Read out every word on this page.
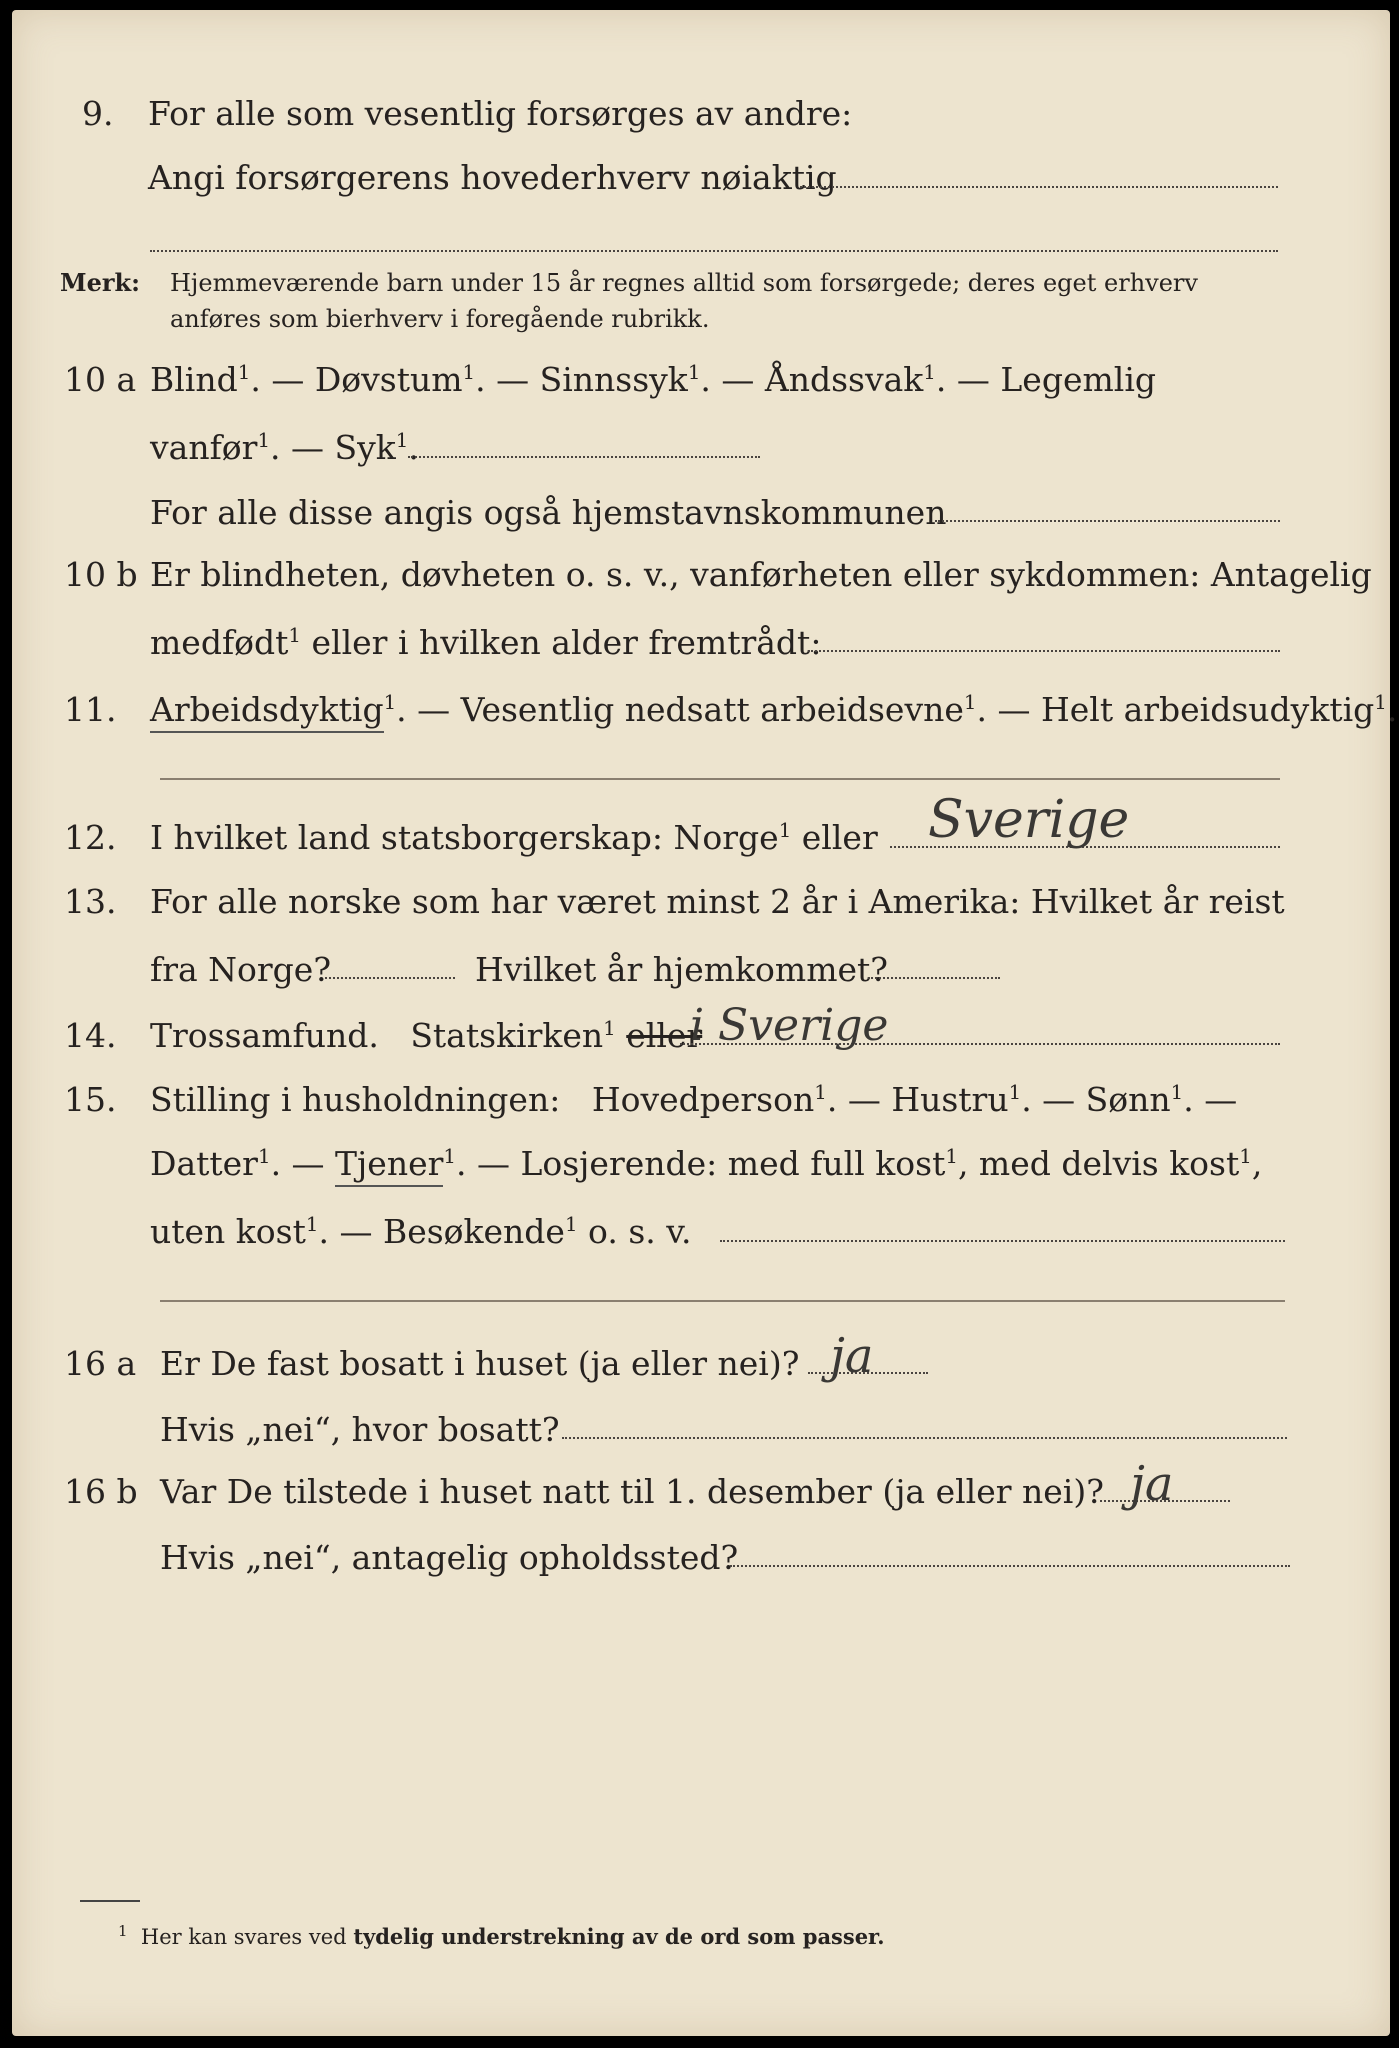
9. For alle som vesentlig forsørges av andre:
Angi forsørgerens hovederhverv nøiaktig
Merk: Hjemmeværende barn under 15 år regnes alltid som forsørgede; deres eget erhverv
anføres som bierhverv i foregående rubrikk.
10 a Blind$^1$. — Døvstum$^1$. — Sinnssyk$^1$. — Åndssvak$^1$. — Legemlig
vanfør$^1$. — Syk$^1$.
For alle disse angis også hjemstavnskommunen
10 b Er blindheten, døvheten o. s. v., vanførheten eller sykdommen: Antagelig
medfødt$^1$ eller i hvilken alder fremtrådt:
11. Arbeidsdyktig$^1$. — Vesentlig nedsatt arbeidsevne$^1$. — Helt arbeidsudyktig$^1$.
12. I hvilket land statsborgerskap: Norge$^1$ eller Sverige
13. For alle norske som har været minst 2 år i Amerika: Hvilket år reist
fra Norge?	Hvilket år hjemkommet?
14. Trossamfund. Statskirken$^1$ eller
i Sverige
15. Stilling i husholdningen: Hovedperson$^1$. — Hustru$^1$. — Sønn$^1$. —
Datter$^1$. — Tjener$^1$. — Losjerende: med full kost$^1$, med delvis kost$^1$,
uten kost$^1$. — Besøkende$^1$ o. s. v.
16 a Er De fast bosatt i huset (ja eller nei)? ja
Hvis „nei“, hvor bosatt?
16 b Var De tilstede i huset natt til 1. desember (ja eller nei)? ja
Hvis „nei“, antagelig opholdssted?
$^1$ Her kan svares ved tydelig understrekning av de ord som passer.
